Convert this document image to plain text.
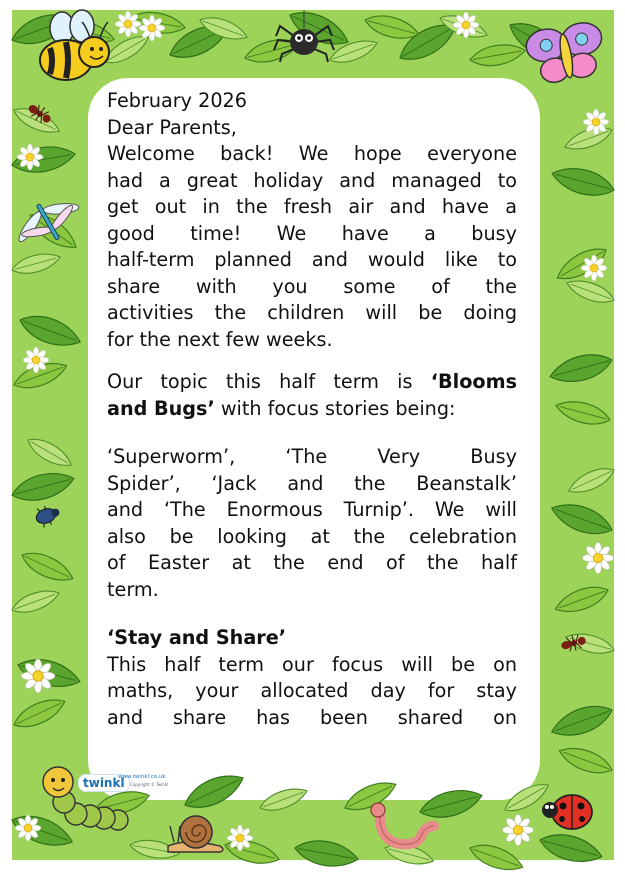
February 2026

Dear Parents,

Welcome back! We hope everyone

had a great holiday and managed to

get out in the fresh air and have a

good time! We have a busy

half-term planned and would like to

share with you some of the

activities the children will be doing

for the next few weeks.

Our topic this half term is ‘Blooms

and Bugs’ with focus stories being:

‘Superworm’, ‘The Very Busy

Spider’, ‘Jack and the Beanstalk’

and ‘The Enormous Turnip’. We will

also be looking at the celebration

of Easter at the end of the half

term.

‘Stay and Share’

This half term our focus will be on

maths, your allocated day for stay

and share has been shared on

twinkl
www.twinkl.co.uk
Copyright © Twinkl
